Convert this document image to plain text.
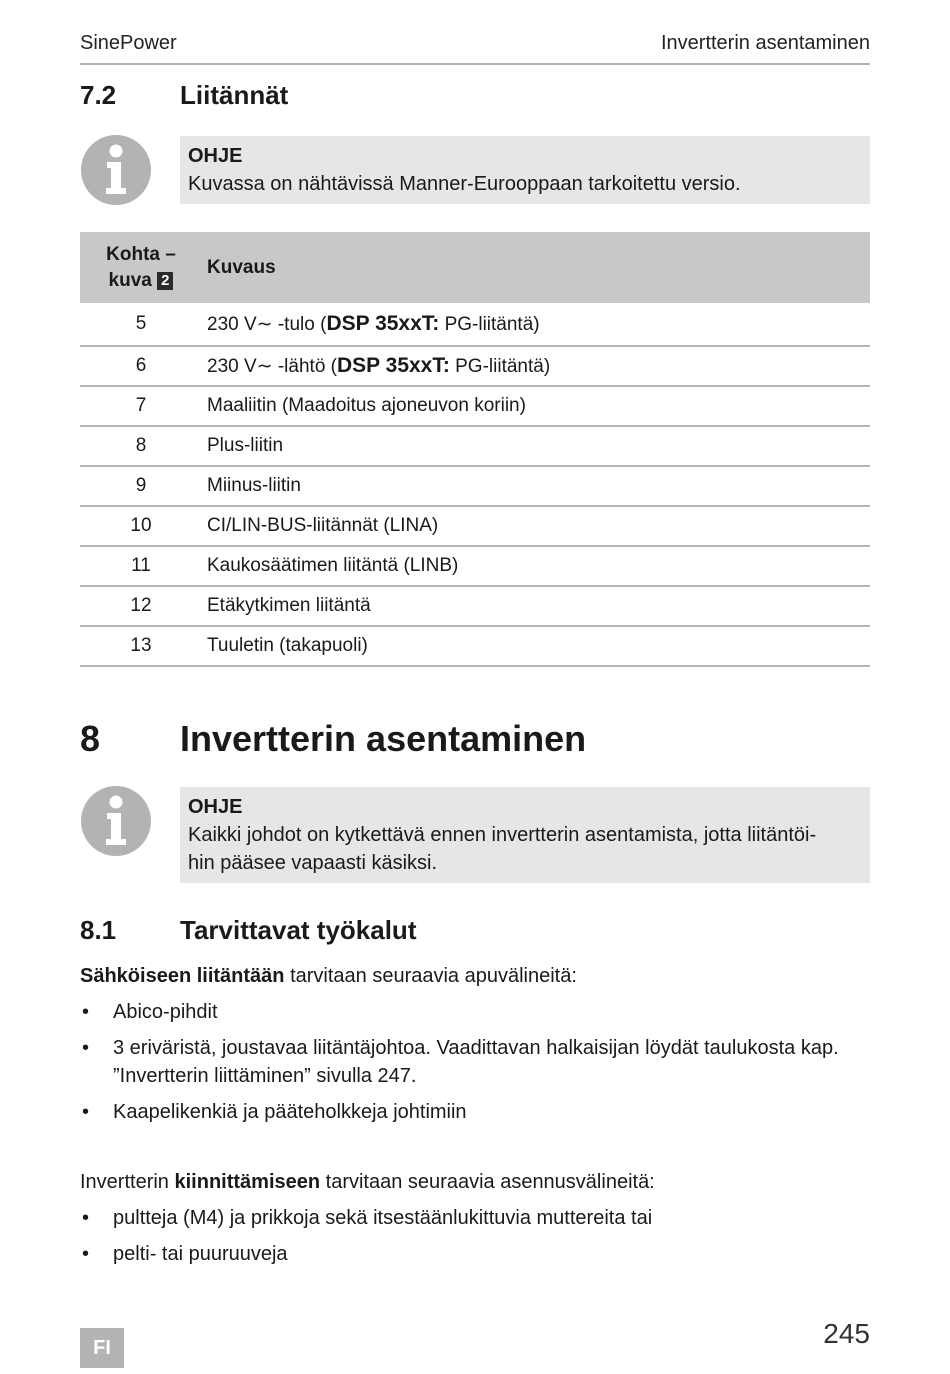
SinePower	Invertterin asentaminen
7.2 Liitännät
OHJE
Kuvassa on nähtävissä Manner-Eurooppaan tarkoitettu versio.
Kohta –
kuva 2	Kuvaus
5	230 V∼ -tulo (DSP 35xxT: PG-liitäntä)
6	230 V∼ -lähtö (DSP 35xxT: PG-liitäntä)
7	Maaliitin (Maadoitus ajoneuvon koriin)
8	Plus-liitin
9	Miinus-liitin
10	CI/LIN-BUS-liitännät (LINA)
11	Kaukosäätimen liitäntä (LINB)
12	Etäkytkimen liitäntä
13	Tuuletin (takapuoli)
8 Invertterin asentaminen
OHJE
Kaikki johdot on kytkettävä ennen invertterin asentamista, jotta liitäntöi-
hin pääsee vapaasti käsiksi.
8.1 Tarvittavat työkalut
Sähköiseen liitäntään tarvitaan seuraavia apuvälineitä:
• Abico-pihdit
• 3 eriväristä, joustavaa liitäntäjohtoa. Vaadittavan halkaisijan löydät taulukosta kap. ”Invertterin liittäminen” sivulla 247.
• Kaapelikenkiä ja pääteholkkeja johtimiin
Invertterin kiinnittämiseen tarvitaan seuraavia asennusvälineitä:
• pultteja (M4) ja prikkoja sekä itsestäänlukittuvia muttereita tai
• pelti- tai puuruuveja
245
FI
